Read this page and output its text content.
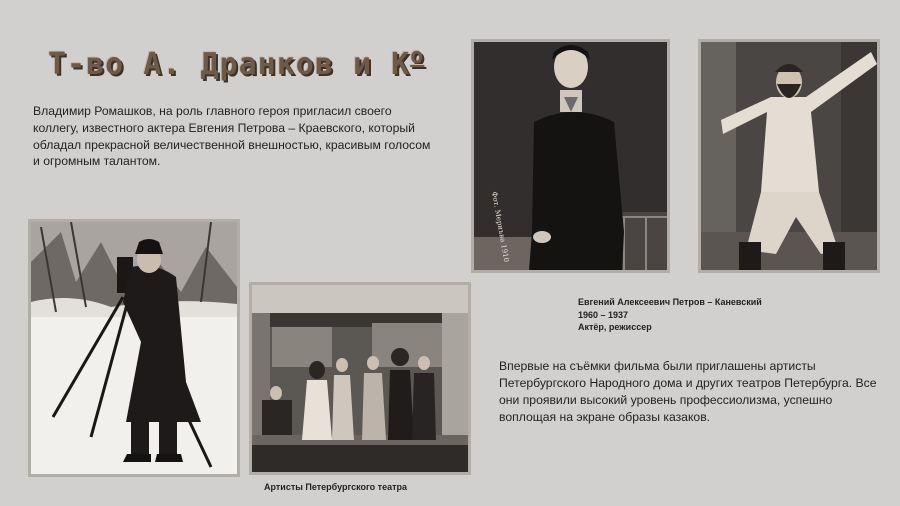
Т-во А. Дранков и $К^о$
Владимир Ромашков, на роль главного героя пригласил своего коллегу, известного актера Евгения Петрова – Краевского, который обладал прекрасной величественной внешностью, красивым голосом и огромным талантом.
Фот. Мериъва 1910
Евгений Алексеевич Петров – Каневский
1960 – 1937
Актёр, режиссер
Артисты Петербургского театра
Впервые на съёмки фильма были приглашены артисты Петербургского Народного дома и других театров Петербурга. Все они проявили высокий уровень профессиолизма, успешно воплощая на экране образы казаков.
